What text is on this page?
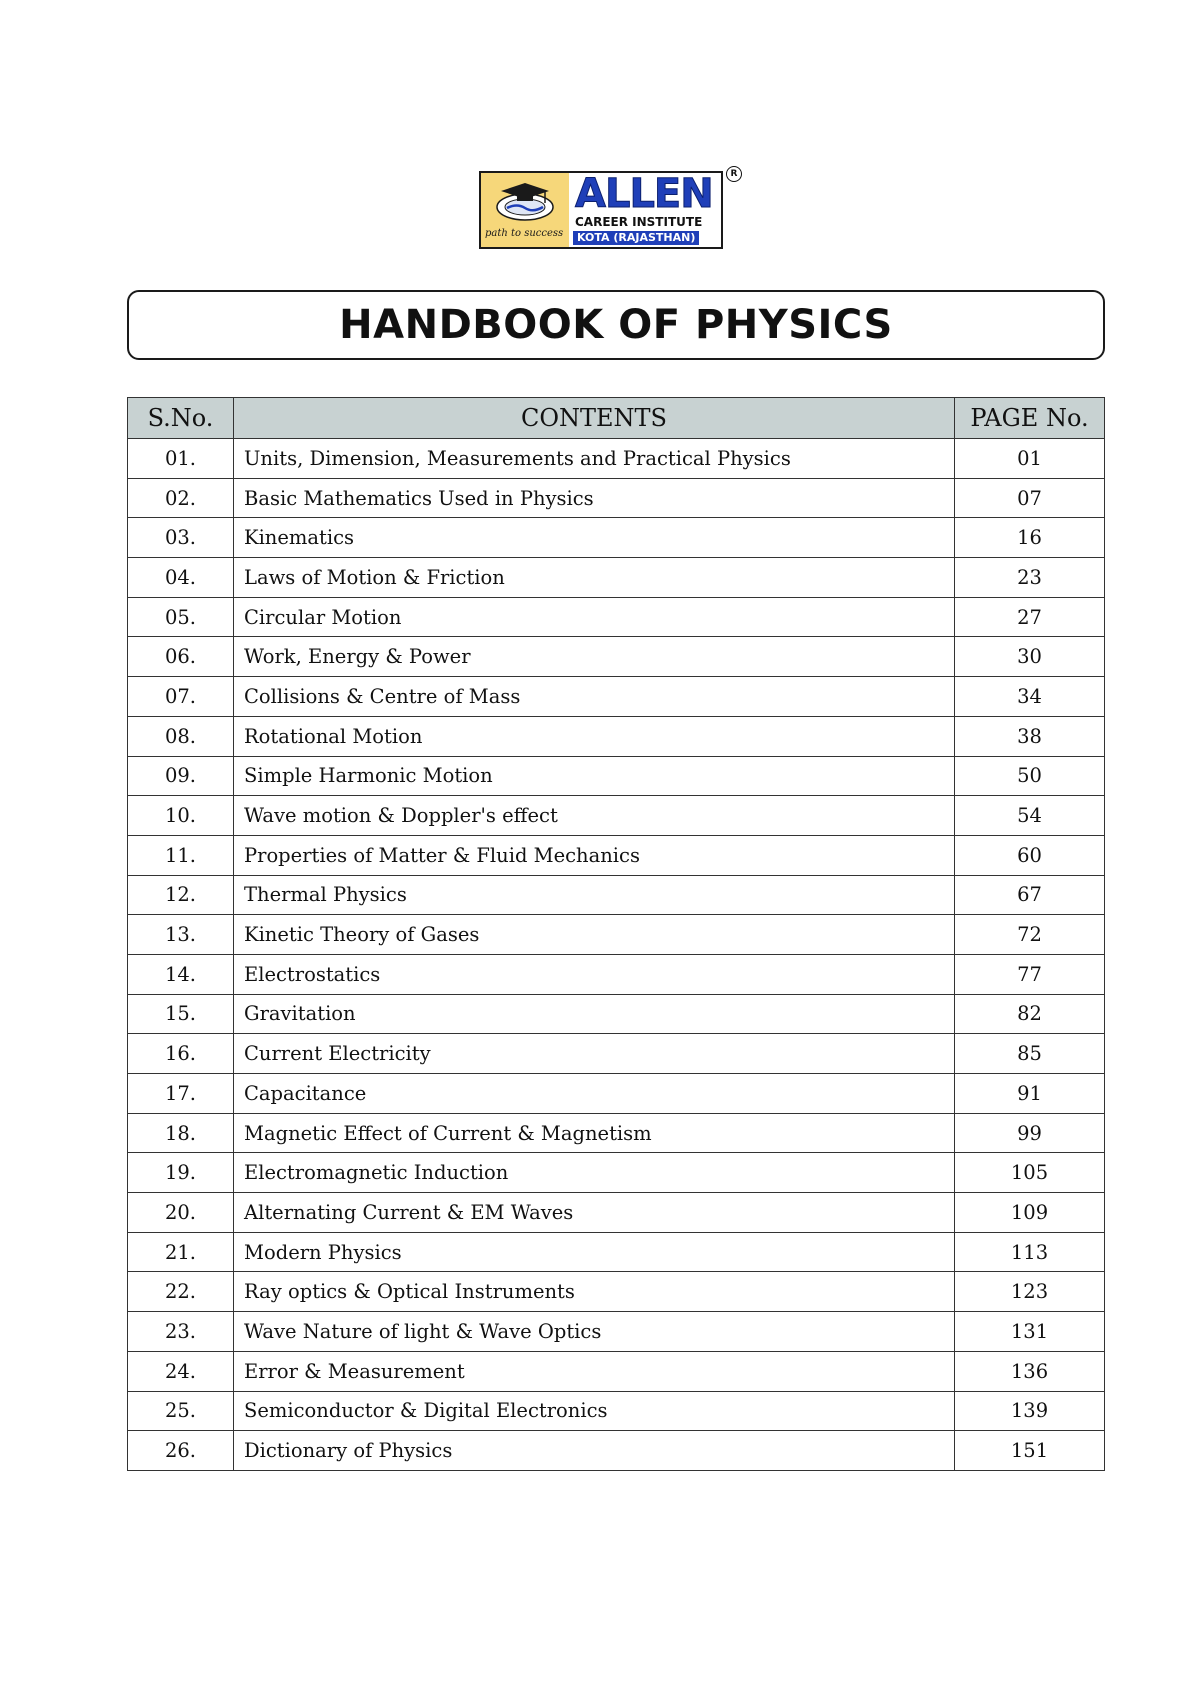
path to success
ALLEN
CAREER INSTITUTE
KOTA (RAJASTHAN)
R
HANDBOOK OF PHYSICS
S.No.	CONTENTS	PAGE No.
01.	Units, Dimension, Measurements and Practical Physics	01
02.	Basic Mathematics Used in Physics	07
03.	Kinematics	16
04.	Laws of Motion & Friction	23
05.	Circular Motion	27
06.	Work, Energy & Power	30
07.	Collisions & Centre of Mass	34
08.	Rotational Motion	38
09.	Simple Harmonic Motion	50
10.	Wave motion & Doppler's effect	54
11.	Properties of Matter & Fluid Mechanics	60
12.	Thermal Physics	67
13.	Kinetic Theory of Gases	72
14.	Electrostatics	77
15.	Gravitation	82
16.	Current Electricity	85
17.	Capacitance	91
18.	Magnetic Effect of Current & Magnetism	99
19.	Electromagnetic Induction	105
20.	Alternating Current & EM Waves	109
21.	Modern Physics	113
22.	Ray optics & Optical Instruments	123
23.	Wave Nature of light & Wave Optics	131
24.	Error & Measurement	136
25.	Semiconductor & Digital Electronics	139
26.	Dictionary of Physics	151
